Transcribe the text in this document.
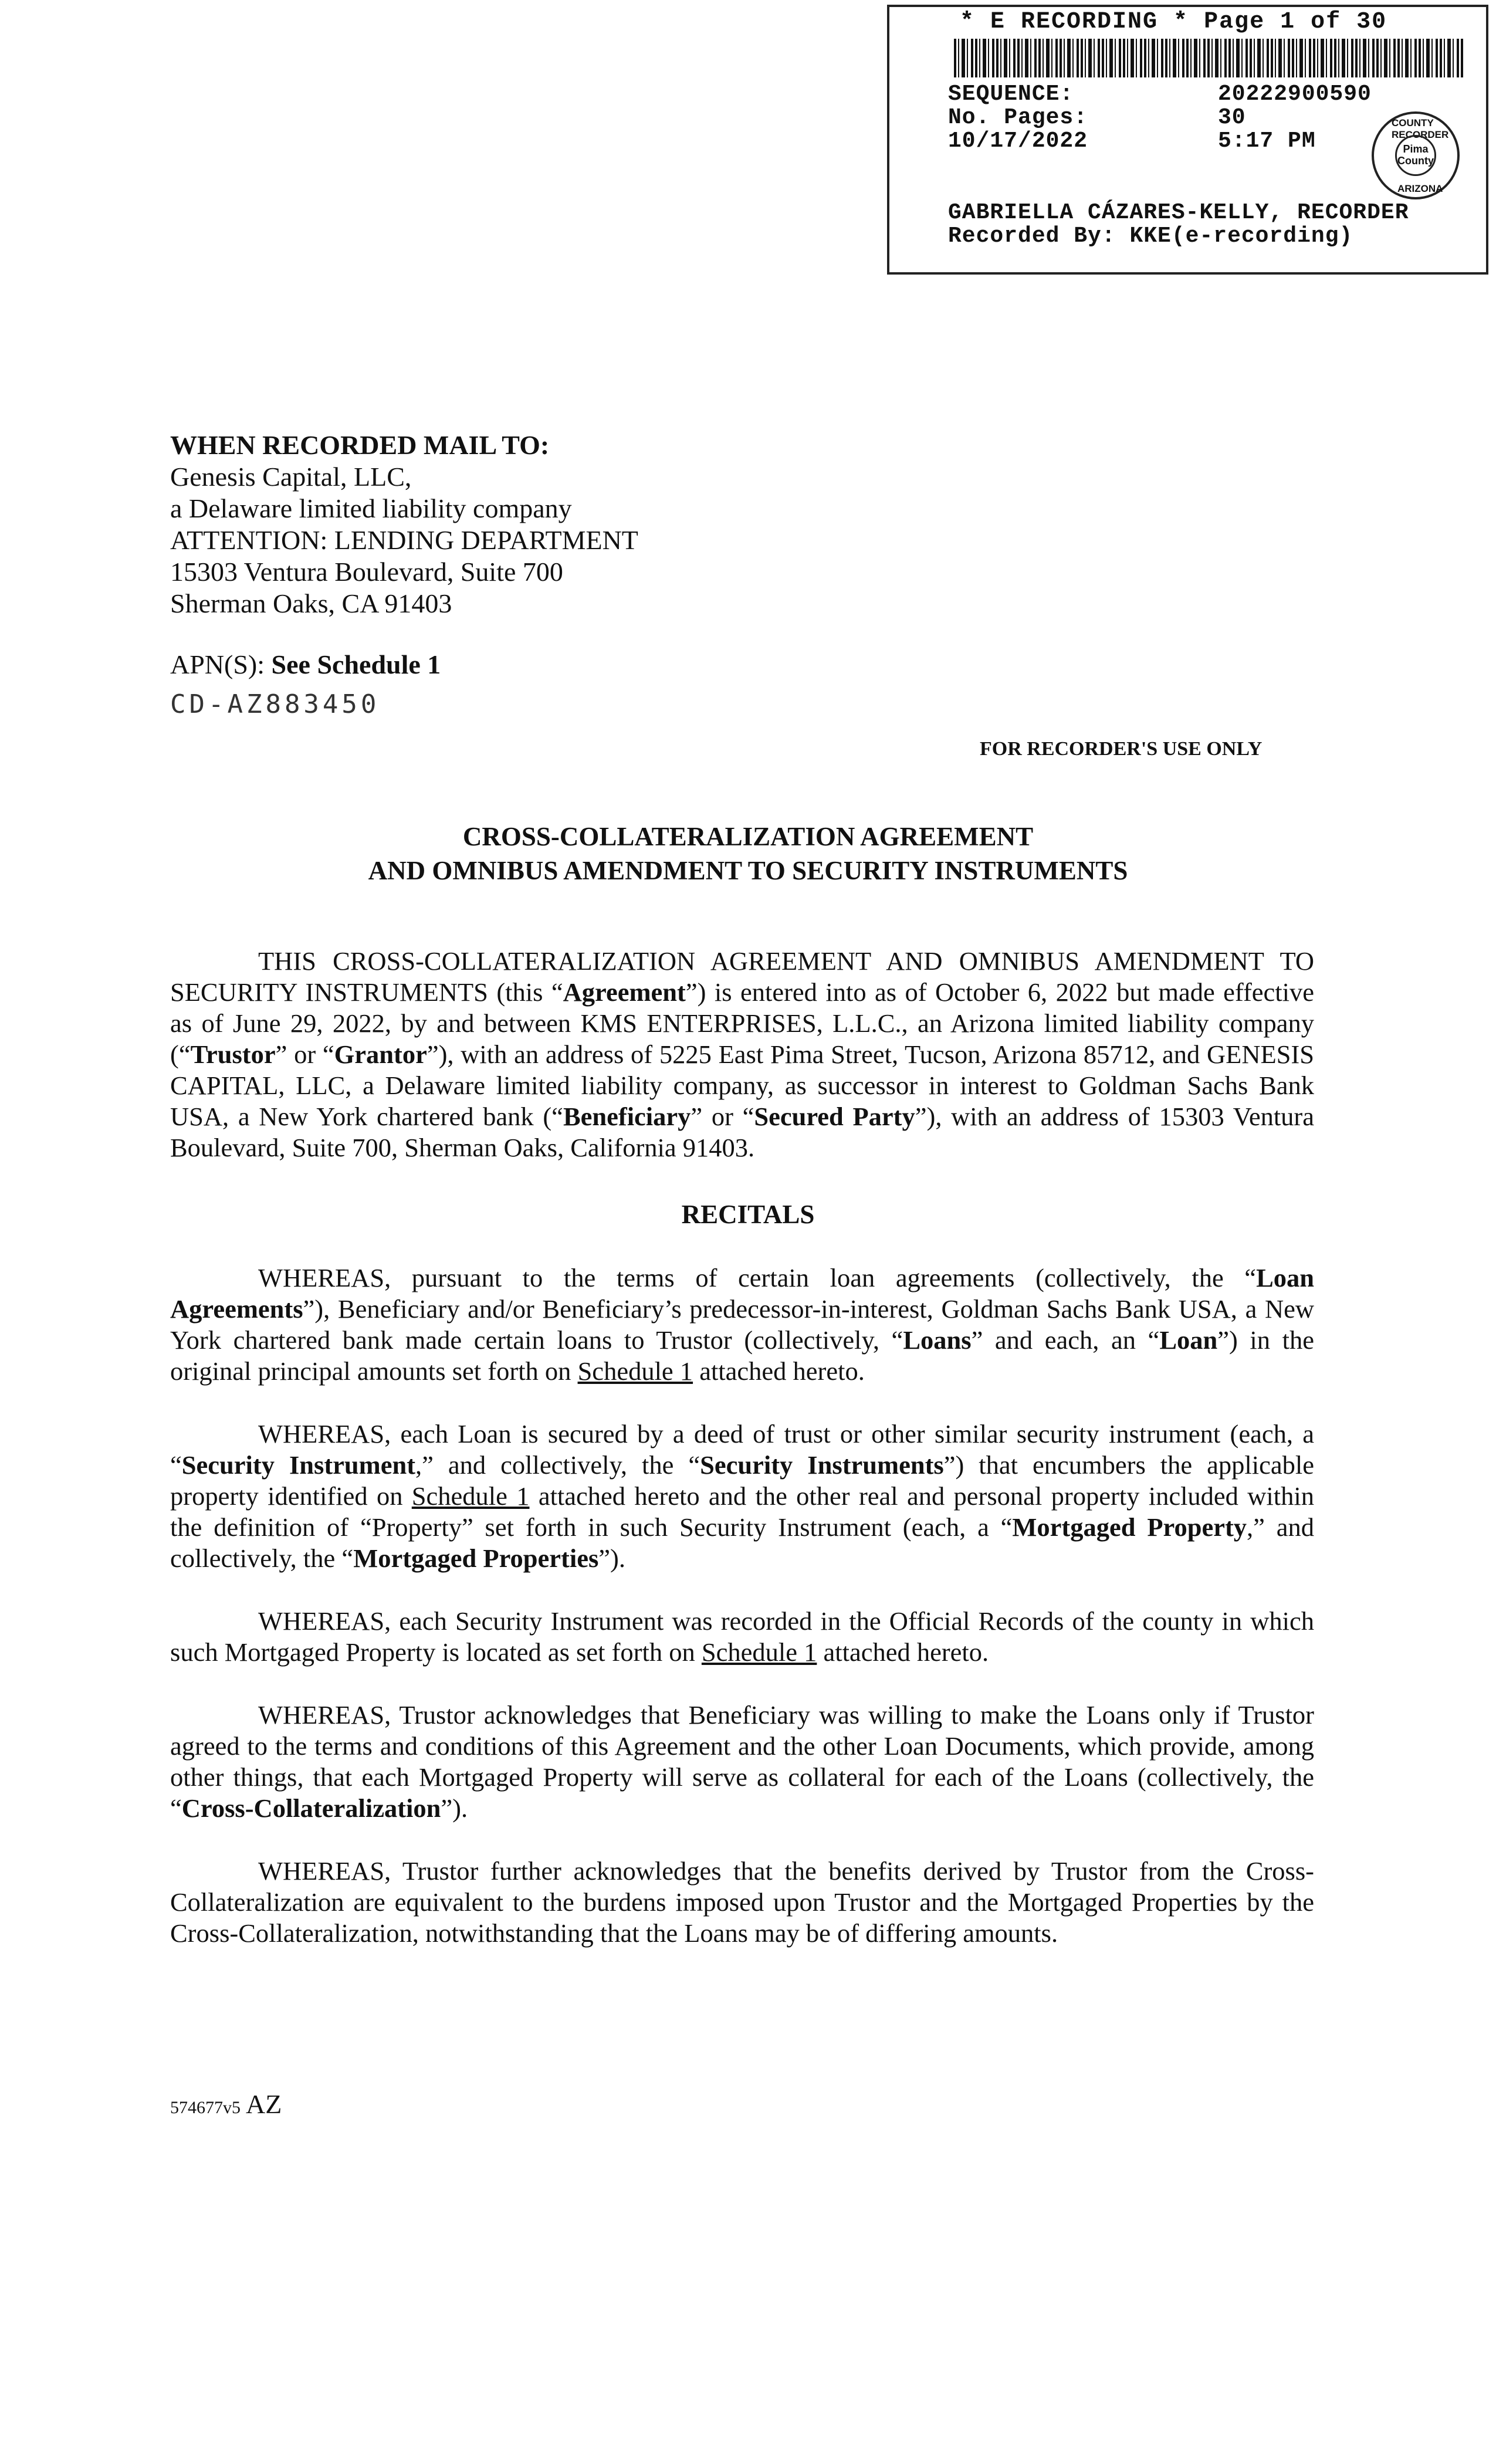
* E RECORDING * Page 1 of 30
SEQUENCE:	20222900590
No. Pages:	30
10/17/2022	5:17 PM
COUNTY RECORDER
Pima County
ARIZONA
GABRIELLA CÁZARES-KELLY, RECORDER
Recorded By: KKE(e-recording)
WHEN RECORDED MAIL TO:
Genesis Capital, LLC,
a Delaware limited liability company
ATTENTION: LENDING DEPARTMENT
15303 Ventura Boulevard, Suite 700
Sherman Oaks, CA 91403
APN(S): See Schedule 1
CD-AZ883450
FOR RECORDER'S USE ONLY
CROSS-COLLATERALIZATION AGREEMENT
AND OMNIBUS AMENDMENT TO SECURITY INSTRUMENTS
THIS CROSS-COLLATERALIZATION AGREEMENT AND OMNIBUS AMENDMENT TO SECURITY INSTRUMENTS (this “Agreement”) is entered into as of October 6, 2022 but made effective as of June 29, 2022, by and between KMS ENTERPRISES, L.L.C., an Arizona limited liability company (“Trustor” or “Grantor”), with an address of 5225 East Pima Street, Tucson, Arizona 85712, and GENESIS CAPITAL, LLC, a Delaware limited liability company, as successor in interest to Goldman Sachs Bank USA, a New York chartered bank (“Beneficiary” or “Secured Party”), with an address of 15303 Ventura Boulevard, Suite 700, Sherman Oaks, California 91403.
RECITALS
WHEREAS, pursuant to the terms of certain loan agreements (collectively, the “Loan Agreements”), Beneficiary and/or Beneficiary’s predecessor-in-interest, Goldman Sachs Bank USA, a New York chartered bank made certain loans to Trustor (collectively, “Loans” and each, an “Loan”) in the original principal amounts set forth on Schedule 1 attached hereto.
WHEREAS, each Loan is secured by a deed of trust or other similar security instrument (each, a “Security Instrument,” and collectively, the “Security Instruments”) that encumbers the applicable property identified on Schedule 1 attached hereto and the other real and personal property included within the definition of “Property” set forth in such Security Instrument (each, a “Mortgaged Property,” and collectively, the “Mortgaged Properties”).
WHEREAS, each Security Instrument was recorded in the Official Records of the county in which such Mortgaged Property is located as set forth on Schedule 1 attached hereto.
WHEREAS, Trustor acknowledges that Beneficiary was willing to make the Loans only if Trustor agreed to the terms and conditions of this Agreement and the other Loan Documents, which provide, among other things, that each Mortgaged Property will serve as collateral for each of the Loans (collectively, the “Cross-Collateralization”).
WHEREAS, Trustor further acknowledges that the benefits derived by Trustor from the Cross-Collateralization are equivalent to the burdens imposed upon Trustor and the Mortgaged Properties by the Cross-Collateralization, notwithstanding that the Loans may be of differing amounts.
574677v5 AZ
